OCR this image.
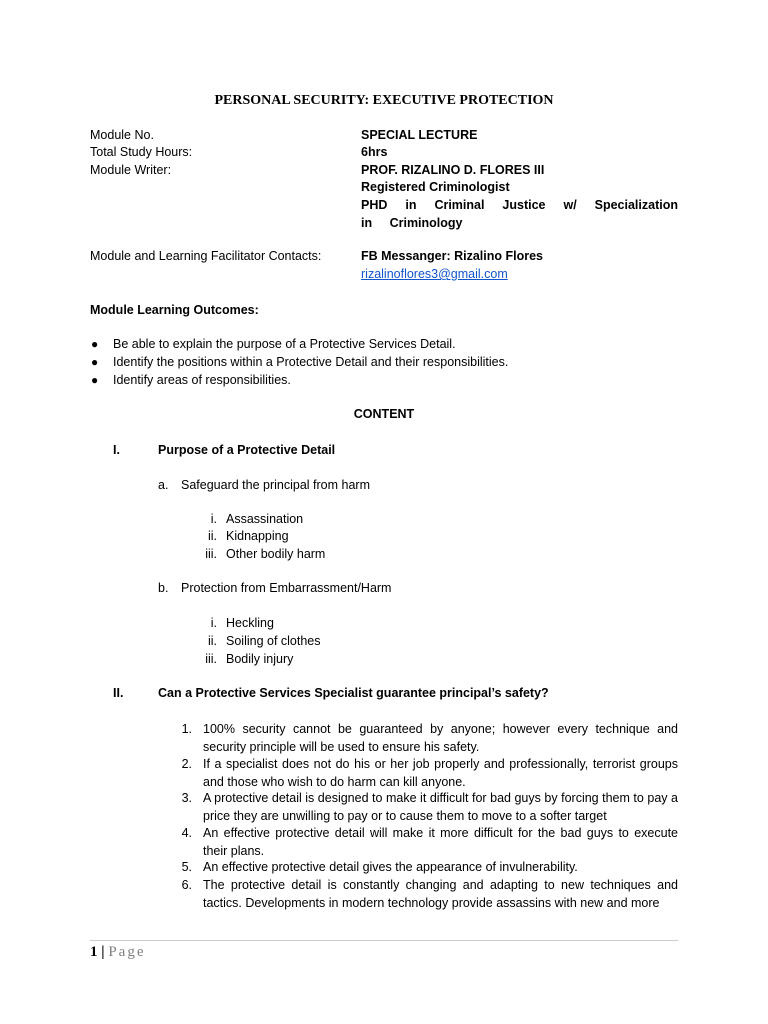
PERSONAL SECURITY: EXECUTIVE PROTECTION
Module No.	SPECIAL LECTURE
Total Study Hours:	6hrs
Module Writer:	PROF. RIZALINO D. FLORES III
Registered Criminologist
PHD in Criminal Justice w/ Specialization in Criminology
Module and Learning Facilitator Contacts:	FB Messanger: Rizalino Flores
rizalinoflores3@gmail.com
Module Learning Outcomes:
● Be able to explain the purpose of a Protective Services Detail.
● Identify the positions within a Protective Detail and their responsibilities.
● Identify areas of responsibilities.
CONTENT
I.	Purpose of a Protective Detail
a. Safeguard the principal from harm
i. Assassination
ii. Kidnapping
iii. Other bodily harm
b. Protection from Embarrassment/Harm
i. Heckling
ii. Soiling of clothes
iii. Bodily injury
II.	Can a Protective Services Specialist guarantee principal’s safety?
1. 100% security cannot be guaranteed by anyone; however every technique and security principle will be used to ensure his safety.
2. If a specialist does not do his or her job properly and professionally, terrorist groups and those who wish to do harm can kill anyone.
3. A protective detail is designed to make it difficult for bad guys by forcing them to pay a price they are unwilling to pay or to cause them to move to a softer target
4. An effective protective detail will make it more difficult for the bad guys to execute their plans.
5. An effective protective detail gives the appearance of invulnerability.
6. The protective detail is constantly changing and adapting to new techniques and tactics. Developments in modern technology provide assassins with new and more
1 | Page
